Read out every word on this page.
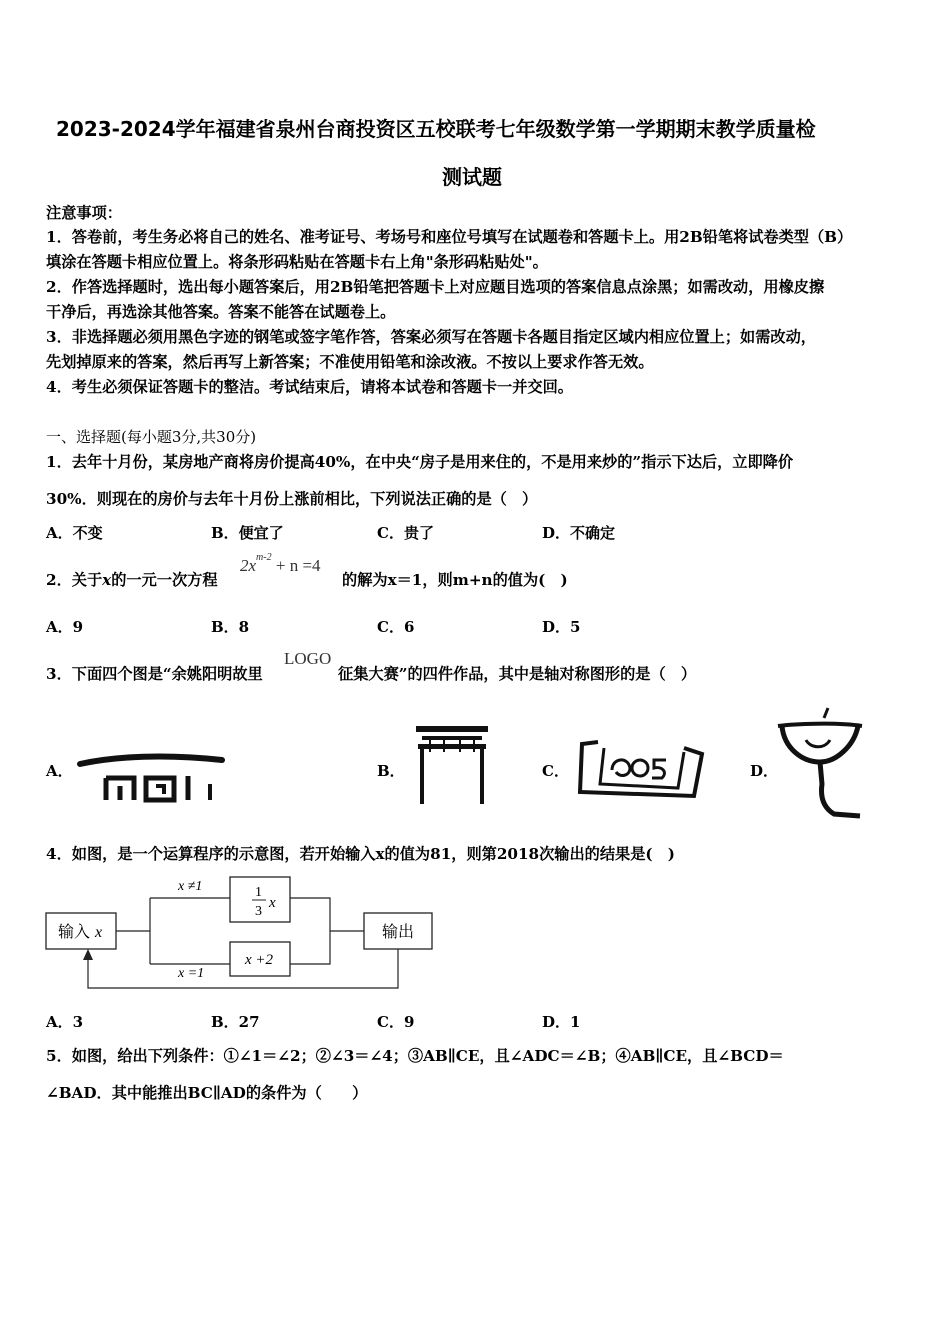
2023-2024学年福建省泉州台商投资区五校联考七年级数学第一学期期末教学质量检
测试题
注意事项：
1．答卷前，考生务必将自己的姓名、准考证号、考场号和座位号填写在试题卷和答题卡上。用2B铅笔将试卷类型（B）
填涂在答题卡相应位置上。将条形码粘贴在答题卡右上角"条形码粘贴处"。
2．作答选择题时，选出每小题答案后，用2B铅笔把答题卡上对应题目选项的答案信息点涂黑；如需改动，用橡皮擦
干净后，再选涂其他答案。答案不能答在试题卷上。
3．非选择题必须用黑色字迹的钢笔或签字笔作答，答案必须写在答题卡各题目指定区域内相应位置上；如需改动，
先划掉原来的答案，然后再写上新答案；不准使用铅笔和涂改液。不按以上要求作答无效。
4．考生必须保证答题卡的整洁。考试结束后，请将本试卷和答题卡一并交回。
一、选择题(每小题3分,共30分)
1．去年十月份，某房地产商将房价提高40%，在中央“房子是用来住的，不是用来炒的”指示下达后，立即降价
30%．则现在的房价与去年十月份上涨前相比，下列说法正确的是（　）
A．不变	B．便宜了	C．贵了	D．不确定
2．关于x的一元一次方程
$2x^{m-2} + n =4$
的解为x＝1，则m+n的值为(　)
A．9	B．8	C．6	D．5
3．下面四个图是“余姚阳明故里
LOGO
征集大赛”的四件作品，其中是轴对称图形的是（　）
A．	B．	C．	D．
4．如图，是一个运算程序的示意图，若开始输入x的值为81，则第2018次输出的结果是(　)
输入 x
1
3
x
x +2
x ≠1
x =1
输出
A．3	B．27	C．9	D．1
5．如图，给出下列条件：①∠1＝∠2；②∠3＝∠4；③AB∥CE，且∠ADC＝∠B；④AB∥CE，且∠BCD＝
∠BAD．其中能推出BC∥AD的条件为（　　）
